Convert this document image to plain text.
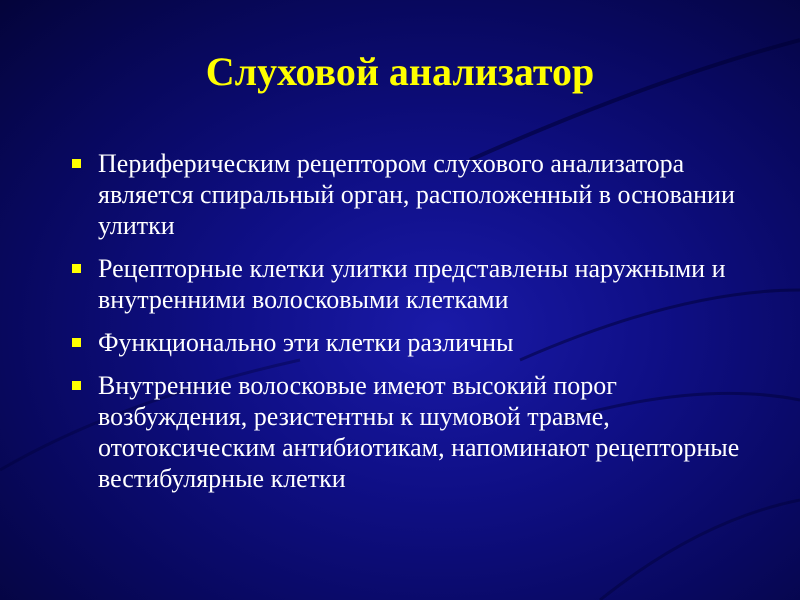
Слуховой анализатор
Периферическим рецептором слухового анализатора является спиральный орган, расположенный в основании улитки
Рецепторные клетки улитки представлены наружными и внутренними волосковыми клетками
Функционально эти клетки различны
Внутренние волосковые имеют высокий порог возбуждения, резистентны к шумовой травме, ототоксическим антибиотикам, напоминают рецепторные вестибулярные клетки
